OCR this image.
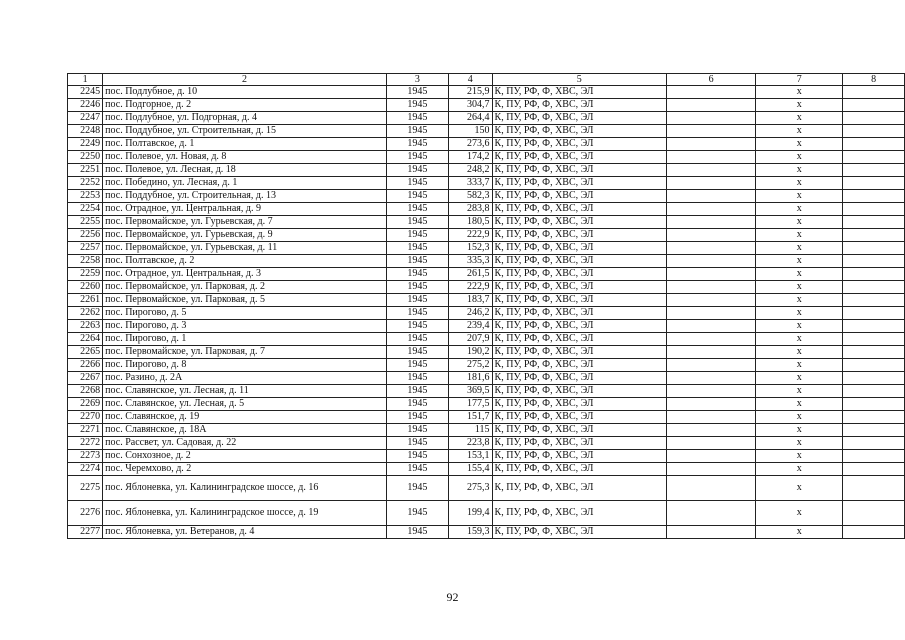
1	2	3	4	5	6	7	8
2245	пос. Подлубное, д. 10	1945	215,9	К, ПУ, РФ, Ф, ХВС, ЭЛ		х	
2246	пос. Подгорное, д. 2	1945	304,7	К, ПУ, РФ, Ф, ХВС, ЭЛ		х	
2247	пос. Подлубное, ул. Подгорная, д. 4	1945	264,4	К, ПУ, РФ, Ф, ХВС, ЭЛ		х	
2248	пос. Поддубное, ул. Строительная, д. 15	1945	150	К, ПУ, РФ, Ф, ХВС, ЭЛ		х	
2249	пос. Полтавское, д. 1	1945	273,6	К, ПУ, РФ, Ф, ХВС, ЭЛ		х	
2250	пос. Полевое, ул. Новая, д. 8	1945	174,2	К, ПУ, РФ, Ф, ХВС, ЭЛ		х	
2251	пос. Полевое, ул. Лесная, д. 18	1945	248,2	К, ПУ, РФ, Ф, ХВС, ЭЛ		х	
2252	пос. Победино, ул. Лесная, д. 1	1945	333,7	К, ПУ, РФ, Ф, ХВС, ЭЛ		х	
2253	пос. Поддубное, ул. Строительная, д. 13	1945	582,3	К, ПУ, РФ, Ф, ХВС, ЭЛ		х	
2254	пос. Отрадное, ул. Центральная, д. 9	1945	283,8	К, ПУ, РФ, Ф, ХВС, ЭЛ		х	
2255	пос. Первомайское, ул. Гурьевская, д. 7	1945	180,5	К, ПУ, РФ, Ф, ХВС, ЭЛ		х	
2256	пос. Первомайское, ул. Гурьевская, д. 9	1945	222,9	К, ПУ, РФ, Ф, ХВС, ЭЛ		х	
2257	пос. Первомайское, ул. Гурьевская, д. 11	1945	152,3	К, ПУ, РФ, Ф, ХВС, ЭЛ		х	
2258	пос. Полтавское, д. 2	1945	335,3	К, ПУ, РФ, Ф, ХВС, ЭЛ		х	
2259	пос. Отрадное, ул. Центральная, д. 3	1945	261,5	К, ПУ, РФ, Ф, ХВС, ЭЛ		х	
2260	пос. Первомайское, ул. Парковая, д. 2	1945	222,9	К, ПУ, РФ, Ф, ХВС, ЭЛ		х	
2261	пос. Первомайское, ул. Парковая, д. 5	1945	183,7	К, ПУ, РФ, Ф, ХВС, ЭЛ		х	
2262	пос. Пирогово, д. 5	1945	246,2	К, ПУ, РФ, Ф, ХВС, ЭЛ		х	
2263	пос. Пирогово, д. 3	1945	239,4	К, ПУ, РФ, Ф, ХВС, ЭЛ		х	
2264	пос. Пирогово, д. 1	1945	207,9	К, ПУ, РФ, Ф, ХВС, ЭЛ		х	
2265	пос. Первомайское, ул. Парковая, д. 7	1945	190,2	К, ПУ, РФ, Ф, ХВС, ЭЛ		х	
2266	пос. Пирогово, д. 8	1945	275,2	К, ПУ, РФ, Ф, ХВС, ЭЛ		х	
2267	пос. Разино, д. 2А	1945	181,6	К, ПУ, РФ, Ф, ХВС, ЭЛ		х	
2268	пос. Славянское, ул. Лесная, д. 11	1945	369,5	К, ПУ, РФ, Ф, ХВС, ЭЛ		х	
2269	пос. Славянское, ул. Лесная, д. 5	1945	177,5	К, ПУ, РФ, Ф, ХВС, ЭЛ		х	
2270	пос. Славянское, д. 19	1945	151,7	К, ПУ, РФ, Ф, ХВС, ЭЛ		х	
2271	пос. Славянское, д. 18А	1945	115	К, ПУ, РФ, Ф, ХВС, ЭЛ		х	
2272	пос. Рассвет, ул. Садовая, д. 22	1945	223,8	К, ПУ, РФ, Ф, ХВС, ЭЛ		х	
2273	пос. Сонхозное, д. 2	1945	153,1	К, ПУ, РФ, Ф, ХВС, ЭЛ		х	
2274	пос. Черемхово, д. 2	1945	155,4	К, ПУ, РФ, Ф, ХВС, ЭЛ		х	
2275	пос. Яблоневка, ул. Калининградское шоссе, д. 16	1945	275,3	К, ПУ, РФ, Ф, ХВС, ЭЛ		х	
2276	пос. Яблоневка, ул. Калининградское шоссе, д. 19	1945	199,4	К, ПУ, РФ, Ф, ХВС, ЭЛ		х	
2277	пос. Яблоневка, ул. Ветеранов, д. 4	1945	159,3	К, ПУ, РФ, Ф, ХВС, ЭЛ		х	
92
